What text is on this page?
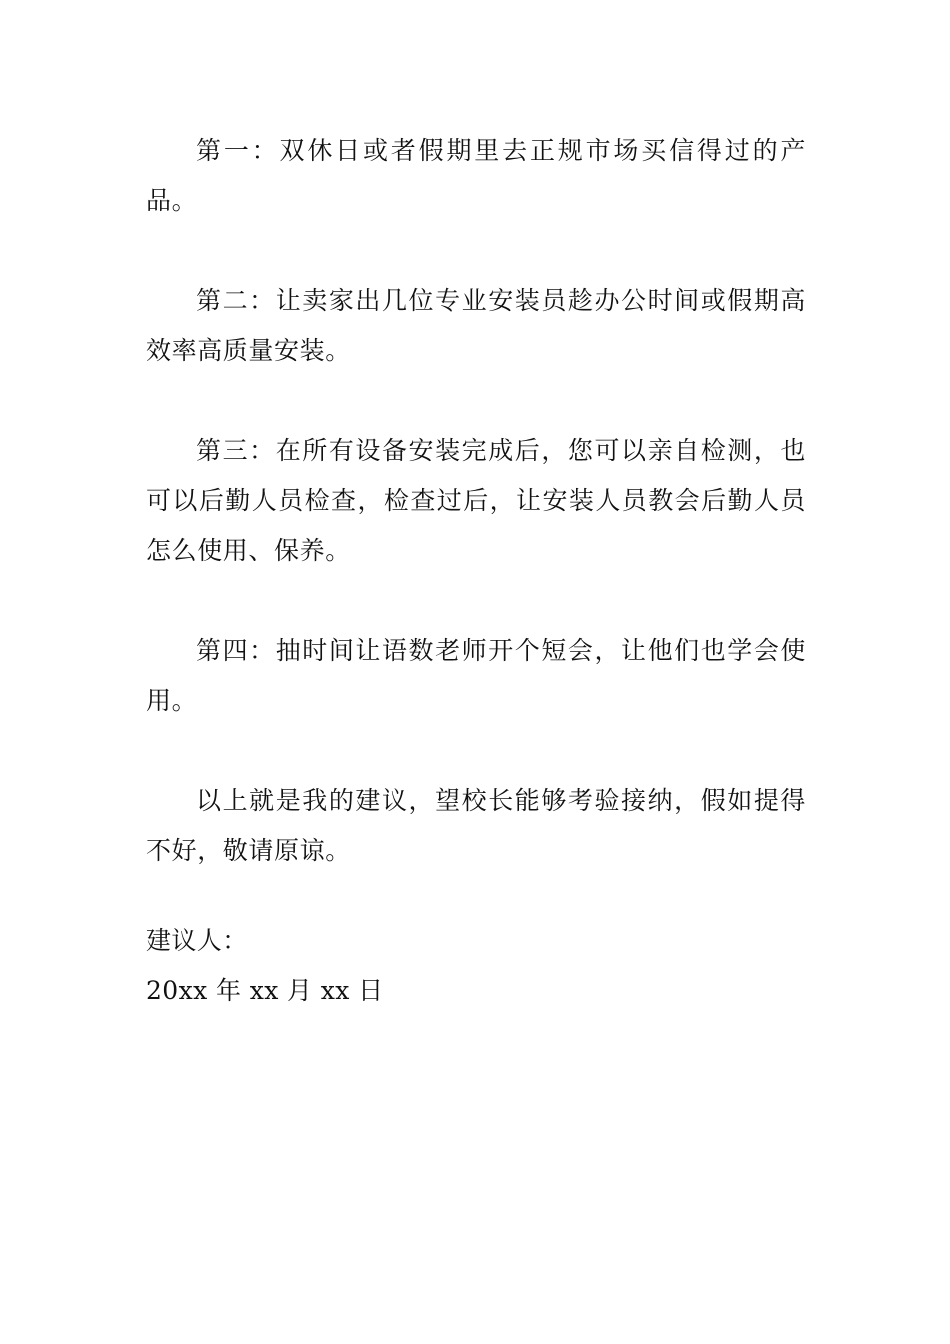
第一：双休日或者假期里去正规市场买信得过的产品。

第二：让卖家出几位专业安装员趁办公时间或假期高效率高质量安装。

第三：在所有设备安装完成后，您可以亲自检测，也可以后勤人员检查，检查过后，让安装人员教会后勤人员怎么使用、保养。

第四：抽时间让语数老师开个短会，让他们也学会使用。

以上就是我的建议，望校长能够考验接纳，假如提得不好，敬请原谅。

建议人：

20xx 年 xx 月 xx 日
